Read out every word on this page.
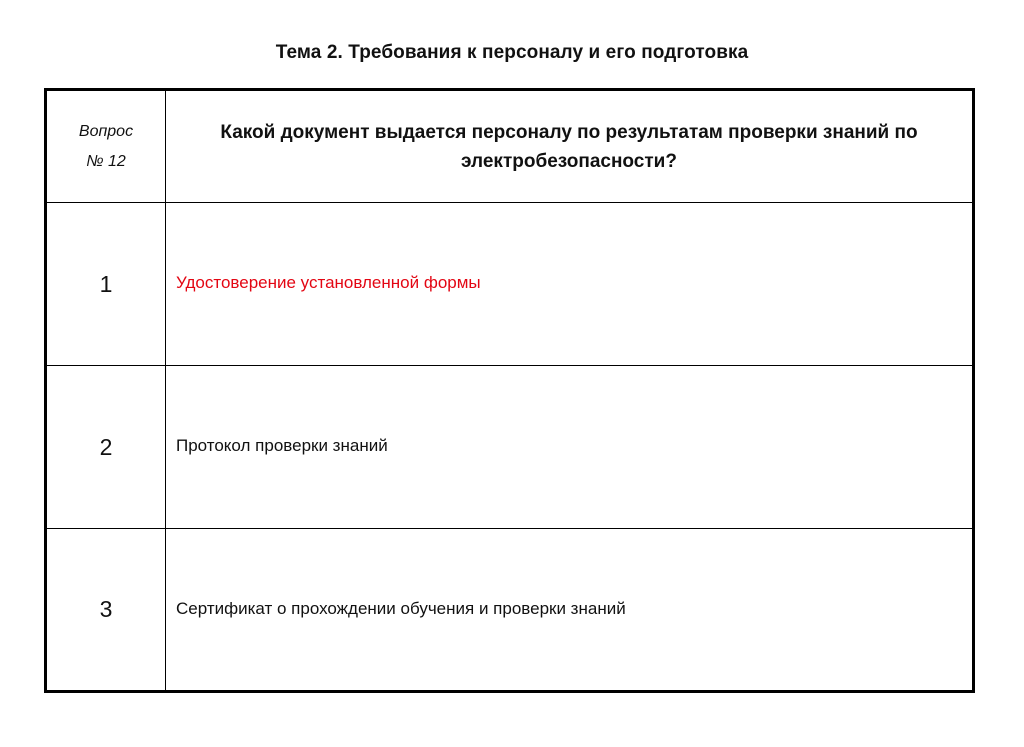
Тема 2. Требования к персоналу и его подготовка
Вопрос
№ 12	Какой документ выдается персоналу по результатам проверки знаний по электробезопасности?
1	Удостоверение установленной формы
2	Протокол проверки знаний
3	Сертификат о прохождении обучения и проверки знаний
